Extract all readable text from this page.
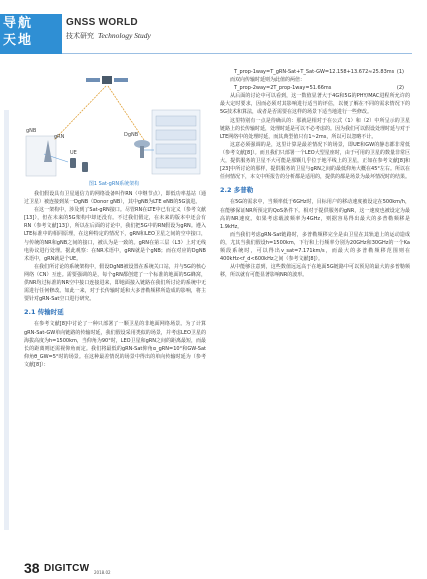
导航
天地
GNSS WORLD
技术研究 Technology Study
gNB
gRN	DgNB
UE
图1 Sat-gRN系统架构

我们假设具有卫星通信力的网络设备叫作RN（中继节点），即低功率基站（通过卫星）被连接到某一DgNB（Donor gNB），其中gNB为LTE eNB的5G演进。

在这一架构中，涉及到了Sat-gRN接口。尽管RN在LTE中已有定义（参考文献[13]），但在未来的5G架构中却还没有。不过我们假定，在未来的版本中还会有RN（参考文献[13]），所以在后面的讨论中，我们把5G中的RN假设为gRN。遵入LTE标准中的相同原理，在这种特定的情况下，gRN和LEO卫星之间的空中接口，与传统的NR和gNB之间的接口，被认为是一致的。gRN在第三层（L3）上对无线电协议进行处理。据此观察：在NR术语中，gRN就是个gNB；而在对应的DgNB术语中，gRN就是个UE。

在我们所讨论的系统架构中，假设DgNB被设置在系统关口站，并与5G的核心网络（CN）互连。需要强调的是，每个gRN都创建了一个标准的地面的5G蜂窝，供NR均过标准的NR空中接口连接进来，即地面接入链路在我们所讨论的系统中无需进行任何修改。如此一来，对于长传输时延和大多普勒频移所造成的影响，将主要针对gRN-Sat空口进行研究。

2.1 传输时延

在参考文献[8]中讨论了一种只部署了一颗卫星的非地面网络场景。为了计算gRN-Sat-GW单向链路的传输时延，我们假设采用类似的场景，并考虑LEO卫星的海拔高度为h=1500km，当仰角为90°时，LEO卫星和gRN之间的距离最短，而最长的距离则还需视仰角而定。我们将最低的gRN-Sat仰角α_gRN=10°和GW-Sat仰角θ_GW=5°时的场景。在这种最差情况的场景中得出的单向传输时延为（参考文献[8]）：

T_prop-1way=T_gRN-Sat+T_Sat-GW=12.158+13.672≈25.83ms (1)

而双向传输时延则为此值的两倍：

T_prop-2way=2T_prop-1way=51.66ms	(2)

从后面的讨论中可以看到，这一数值显著大于4G和5G的PHY/MAC进程所允许的最大定时要求，因而必须对其影响进行适当的评估，以便了解在不同的需求情况下的5G技术和算法，或者是否需要在这样的场景下适当地进行一些修改。

这里特别有一点是待确认的：那就是相对于在公式（1）和（2）中所呈示的卫星链路上的长传输时延，处理时延是可以不必考虑的。因为我们可以假设处理时延与对于LTE网络中的处理时延，而其典型值只有1~2ms，所以可以忽略不计。

这意必须强调的是，这里计算是最差情况下的场景，即UE和GW的静态都非常低（参考文献[8]）。而且我们只部署一个LEO大型星座时，由于可用的卫星的数量非常巨大，提供服务的卫星不大可能是那颗几乎位于地平线上的卫星，正如在参考文献[8]和[23]中所讨论的那样，提供服务的卫星与gRN之间的最低仰角大概在45°左右。所以在任何情况下，本文中所报告的分析都是适用的，提供的都是场景为最坏情况时的结果。

2.2 多普勒

在5G的需求中，当频率低于6GHz时，目标用户的移动速度被设定在500km/h，在能够保证NR所预定的QoS条件下。相对于提供服务的gNR，这一速度也被设定为最高的NR速度。如果考虑载波频率为4GHz，则据容易得出最大的多普勒频移是1.9kHz。

而当我们考虑gRN-Sat链路时，多普勒频移完全是由卫星在其轨道上的运动造成的，尤其当我们假设h=1500km，下行和上行频率分别为20GHz和30GHz的一个Ka频段系统时，可以得出v_sat=7.171km/s，而最大的多普勒频移范围则在400kHz<f_d<600kHz之间（参考文献[8]）。

从中能够注意到，这些数值远远高于在地面5G链路中可以预见的最大的多普勒频移，所以就有可能显著影响NR的波形。

38 DIGITCW 2018.02
